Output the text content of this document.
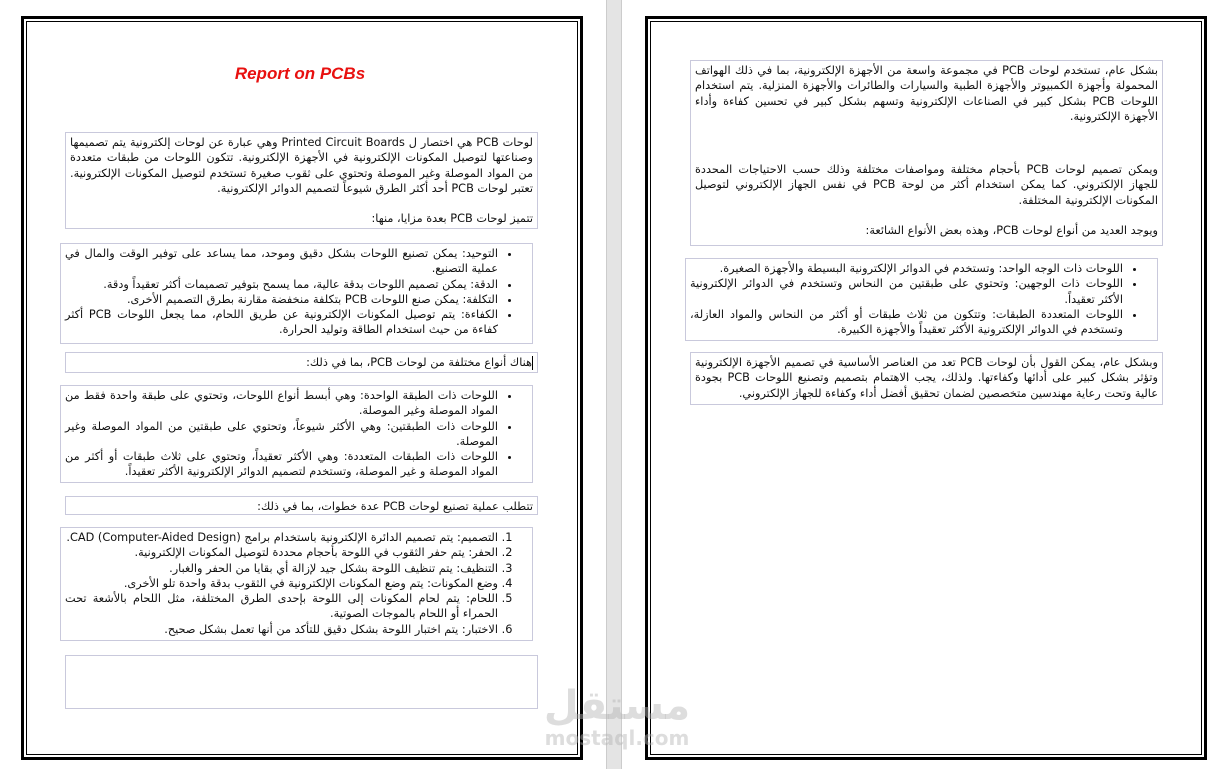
Report on PCBs

لوحات PCB هي اختصار ل Printed Circuit Boards وهي عبارة عن لوحات إلكترونية يتم تصميمها وصناعتها لتوصيل المكونات الإلكترونية في الأجهزة الإلكترونية. تتكون اللوحات من طبقات متعددة من المواد الموصلة وغير الموصلة وتحتوي على ثقوب صغيرة تستخدم لتوصيل المكونات الإلكترونية. تعتبر لوحات PCB أحد أكثر الطرق شيوعاً لتصميم الدوائر الإلكترونية.

تتميز لوحات PCB بعدة مزايا، منها:

• التوحيد: يمكن تصنيع اللوحات بشكل دقيق وموحد، مما يساعد على توفير الوقت والمال في عملية التصنيع.
• الدقة: يمكن تصميم اللوحات بدقة عالية، مما يسمح بتوفير تصميمات أكثر تعقيداً ودقة.
• التكلفة: يمكن صنع اللوحات PCB بتكلفة منخفضة مقارنة بطرق التصميم الأخرى.
• الكفاءة: يتم توصيل المكونات الإلكترونية عن طريق اللحام، مما يجعل اللوحات PCB أكثر كفاءة من حيث استخدام الطاقة وتوليد الحرارة.
هناك أنواع مختلفة من لوحات PCB، بما في ذلك:
• اللوحات ذات الطبقة الواحدة: وهي أبسط أنواع اللوحات، وتحتوي على طبقة واحدة فقط من المواد الموصلة وغير الموصلة.
• اللوحات ذات الطبقتين: وهي الأكثر شيوعاً، وتحتوي على طبقتين من المواد الموصلة وغير الموصلة.
• اللوحات ذات الطبقات المتعددة: وهي الأكثر تعقيداً، وتحتوي على ثلاث طبقات أو أكثر من المواد الموصلة و غير الموصلة، وتستخدم لتصميم الدوائر الإلكترونية الأكثر تعقيداً.
تتطلب عملية تصنيع لوحات PCB عدة خطوات، بما في ذلك:
1. التصميم: يتم تصميم الدائرة الإلكترونية باستخدام برامج CAD (Computer-Aided Design).
2. الحفر: يتم حفر الثقوب في اللوحة بأحجام محددة لتوصيل المكونات الإلكترونية.
3. التنظيف: يتم تنظيف اللوحة بشكل جيد لإزالة أي بقايا من الحفر والغبار.
4. وضع المكونات: يتم وضع المكونات الإلكترونية في الثقوب بدقة واحدة تلو الأخرى.
5. اللحام: يتم لحام المكونات إلى اللوحة بإحدى الطرق المختلفة، مثل اللحام بالأشعة تحت الحمراء أو اللحام بالموجات الصوتية.
6. الاختبار: يتم اختبار اللوحة بشكل دقيق للتأكد من أنها تعمل بشكل صحيح.

بشكل عام، تستخدم لوحات PCB في مجموعة واسعة من الأجهزة الإلكترونية، بما في ذلك الهواتف المحمولة وأجهزة الكمبيوتر والأجهزة الطبية والسيارات والطائرات والأجهزة المنزلية. يتم استخدام اللوحات PCB بشكل كبير في الصناعات الإلكترونية وتسهم بشكل كبير في تحسين كفاءة وأداء الأجهزة الإلكترونية.

ويمكن تصميم لوحات PCB بأحجام مختلفة ومواصفات مختلفة وذلك حسب الاحتياجات المحددة للجهاز الإلكتروني. كما يمكن استخدام أكثر من لوحة PCB في نفس الجهاز الإلكتروني لتوصيل المكونات الإلكترونية المختلفة.

ويوجد العديد من أنواع لوحات PCB، وهذه بعض الأنواع الشائعة:

• اللوحات ذات الوجه الواحد: وتستخدم في الدوائر الإلكترونية البسيطة والأجهزة الصغيرة.
• اللوحات ذات الوجهين: وتحتوي على طبقتين من النحاس وتستخدم في الدوائر الإلكترونية الأكثر تعقيداً.
• اللوحات المتعددة الطبقات: وتتكون من ثلاث طبقات أو أكثر من النحاس والمواد العازلة، وتستخدم في الدوائر الإلكترونية الأكثر تعقيداً والأجهزة الكبيرة.

وبشكل عام، يمكن القول بأن لوحات PCB تعد من العناصر الأساسية في تصميم الأجهزة الإلكترونية وتؤثر بشكل كبير على أدائها وكفاءتها. ولذلك، يجب الاهتمام بتصميم وتصنيع اللوحات PCB بجودة عالية وتحت رعاية مهندسين متخصصين لضمان تحقيق أفضل أداء وكفاءة للجهاز الإلكتروني.

مستقل
mostaql.com
